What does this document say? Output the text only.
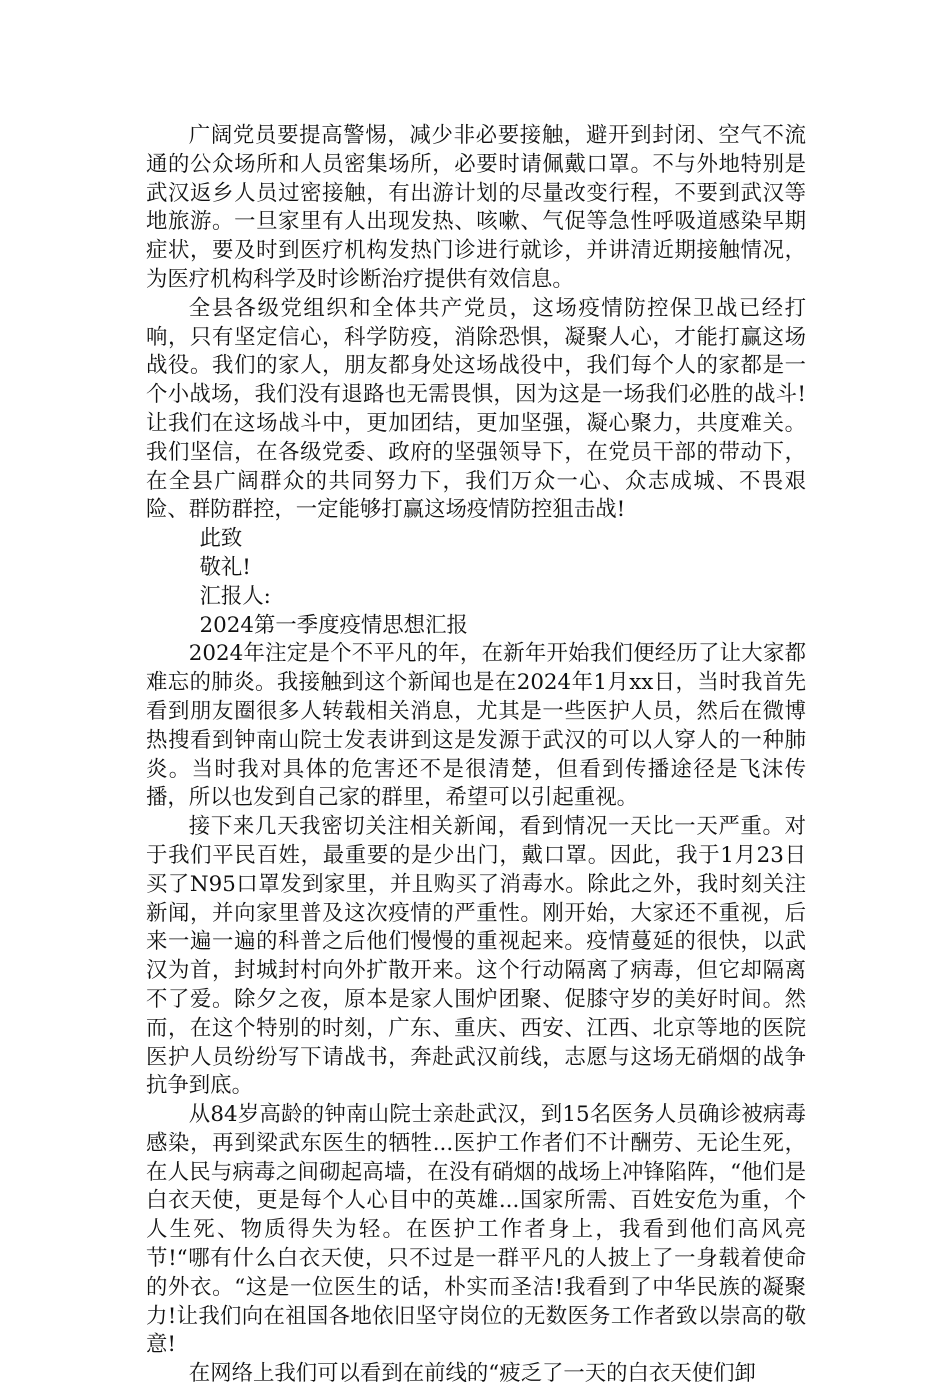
广阔党员要提高警惕，减少非必要接触，避开到封闭、空气不流通的公众场所和人员密集场所，必要时请佩戴口罩。不与外地特别是武汉返乡人员过密接触，有出游计划的尽量改变行程，不要到武汉等地旅游。一旦家里有人出现发热、咳嗽、气促等急性呼吸道感染早期症状，要及时到医疗机构发热门诊进行就诊，并讲清近期接触情况，为医疗机构科学及时诊断治疗提供有效信息。

全县各级党组织和全体共产党员，这场疫情防控保卫战已经打响，只有坚定信心，科学防疫，消除恐惧，凝聚人心，才能打赢这场战役。我们的家人，朋友都身处这场战役中，我们每个人的家都是一个小战场，我们没有退路也无需畏惧，因为这是一场我们必胜的战斗!让我们在这场战斗中，更加团结，更加坚强，凝心聚力，共度难关。我们坚信，在各级党委、政府的坚强领导下，在党员干部的带动下，在全县广阔群众的共同努力下，我们万众一心、众志成城、不畏艰险、群防群控，一定能够打赢这场疫情防控狙击战!

此致

敬礼!

汇报人:

2024第一季度疫情思想汇报

2024年注定是个不平凡的年，在新年开始我们便经历了让大家都难忘的肺炎。我接触到这个新闻也是在2024年1月xx日，当时我首先看到朋友圈很多人转载相关消息，尤其是一些医护人员，然后在微博热搜看到钟南山院士发表讲到这是发源于武汉的可以人穿人的一种肺炎。当时我对具体的危害还不是很清楚，但看到传播途径是飞沫传播，所以也发到自己家的群里，希望可以引起重视。

接下来几天我密切关注相关新闻，看到情况一天比一天严重。对于我们平民百姓，最重要的是少出门，戴口罩。因此，我于1月23日买了N95口罩发到家里，并且购买了消毒水。除此之外，我时刻关注新闻，并向家里普及这次疫情的严重性。刚开始，大家还不重视，后来一遍一遍的科普之后他们慢慢的重视起来。疫情蔓延的很快，以武汉为首，封城封村向外扩散开来。这个行动隔离了病毒，但它却隔离不了爱。除夕之夜，原本是家人围炉团聚、促膝守岁的美好时间。然而，在这个特别的时刻，广东、重庆、西安、江西、北京等地的医院医护人员纷纷写下请战书，奔赴武汉前线，志愿与这场无硝烟的战争抗争到底。

从84岁高龄的钟南山院士亲赴武汉，到15名医务人员确诊被病毒感染，再到梁武东医生的牺牲...医护工作者们不计酬劳、无论生死，在人民与病毒之间砌起高墙，在没有硝烟的战场上冲锋陷阵，“他们是白衣天使，更是每个人心目中的英雄...国家所需、百姓安危为重，个人生死、物质得失为轻。在医护工作者身上，我看到他们高风亮节!“哪有什么白衣天使，只不过是一群平凡的人披上了一身载着使命的外衣。“这是一位医生的话，朴实而圣洁!我看到了中华民族的凝聚力!让我们向在祖国各地依旧坚守岗位的无数医务工作者致以崇高的敬意!

在网络上我们可以看到在前线的“疲乏了一天的白衣天使们卸
